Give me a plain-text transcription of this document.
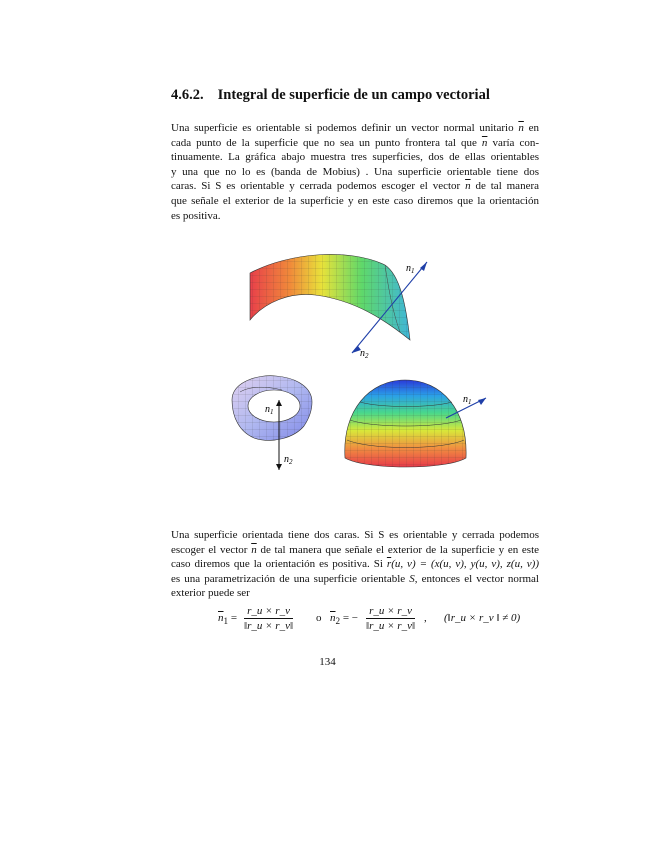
4.6.2. Integral de superficie de un campo vectorial
Una superficie es orientable si podemos definir un vector normal unitario $\overline{n}$ en
cada punto de la superficie que no sea un punto frontera tal que $\overline{n}$ varía con-
tinuamente. La gráfica abajo muestra tres superficies, dos de ellas orientables
y una que no lo es (banda de Mobius) . Una superficie orientable tiene dos
caras. Si S es orientable y cerrada podemos escoger el vector $\overline{n}$ de tal manera
que señale el exterior de la superficie y en este caso diremos que la orientación
es positiva.
$n_1$
$n_2$
$n_1$
$n_2$
$n_1$
Una superficie orientada tiene dos caras. Si S es orientable y cerrada podemos
escoger el vector $\overline{n}$ de tal manera que señale el exterior de la superficie y en este
caso diremos que la orientación es positiva. Si $\overline{r}(u$, v) = (x(u, v), y(u, v), z(u, v))
es una parametrización de una superficie orientable S, entonces el vector normal
exterior puede ser
$\overline{n}_1 = \frac{r\_u \times r\_v}{‖r\_u \times r\_v‖}$ o $\overline{n}_2$ = − $\frac{r\_u \times r\_v}{‖r\_u \times r\_v‖}$ , (‖r_u × r_v ‖ ≠ 0)
134
